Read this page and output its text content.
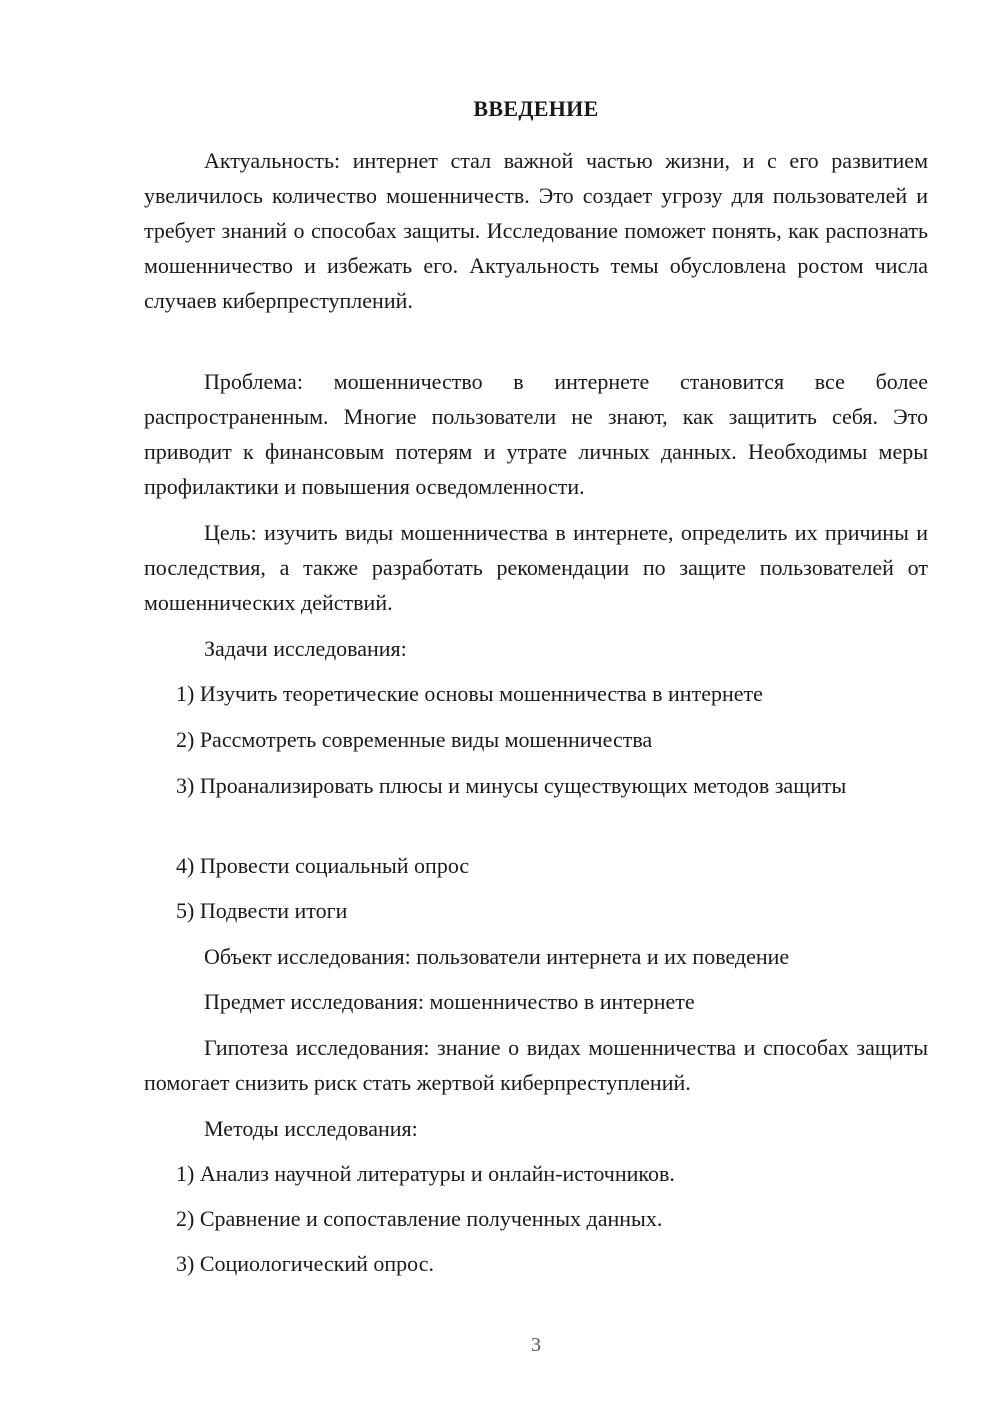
ВВЕДЕНИЕ

Актуальность: интернет стал важной частью жизни, и с его развитием увеличилось количество мошенничеств. Это создает угрозу для пользователей и требует знаний о способах защиты. Исследование поможет понять, как распознать мошенничество и избежать его. Актуальность темы обусловлена ростом числа случаев киберпреступлений.

Проблема: мошенничество в интернете становится все более распространенным. Многие пользователи не знают, как защитить себя. Это приводит к финансовым потерям и утрате личных данных. Необходимы меры профилактики и повышения осведомленности.

Цель: изучить виды мошенничества в интернете, определить их причины и последствия, а также разработать рекомендации по защите пользователей от мошеннических действий.

Задачи исследования:

1) Изучить теоретические основы мошенничества в интернете

2) Рассмотреть современные виды мошенничества

3) Проанализировать плюсы и минусы существующих методов защиты

4) Провести социальный опрос

5) Подвести итоги

Объект исследования: пользователи интернета и их поведение

Предмет исследования: мошенничество в интернете

Гипотеза исследования: знание о видах мошенничества и способах защиты помогает снизить риск стать жертвой киберпреступлений.

Методы исследования:

1) Анализ научной литературы и онлайн-источников.

2) Сравнение и сопоставление полученных данных.

3) Социологический опрос.

3
